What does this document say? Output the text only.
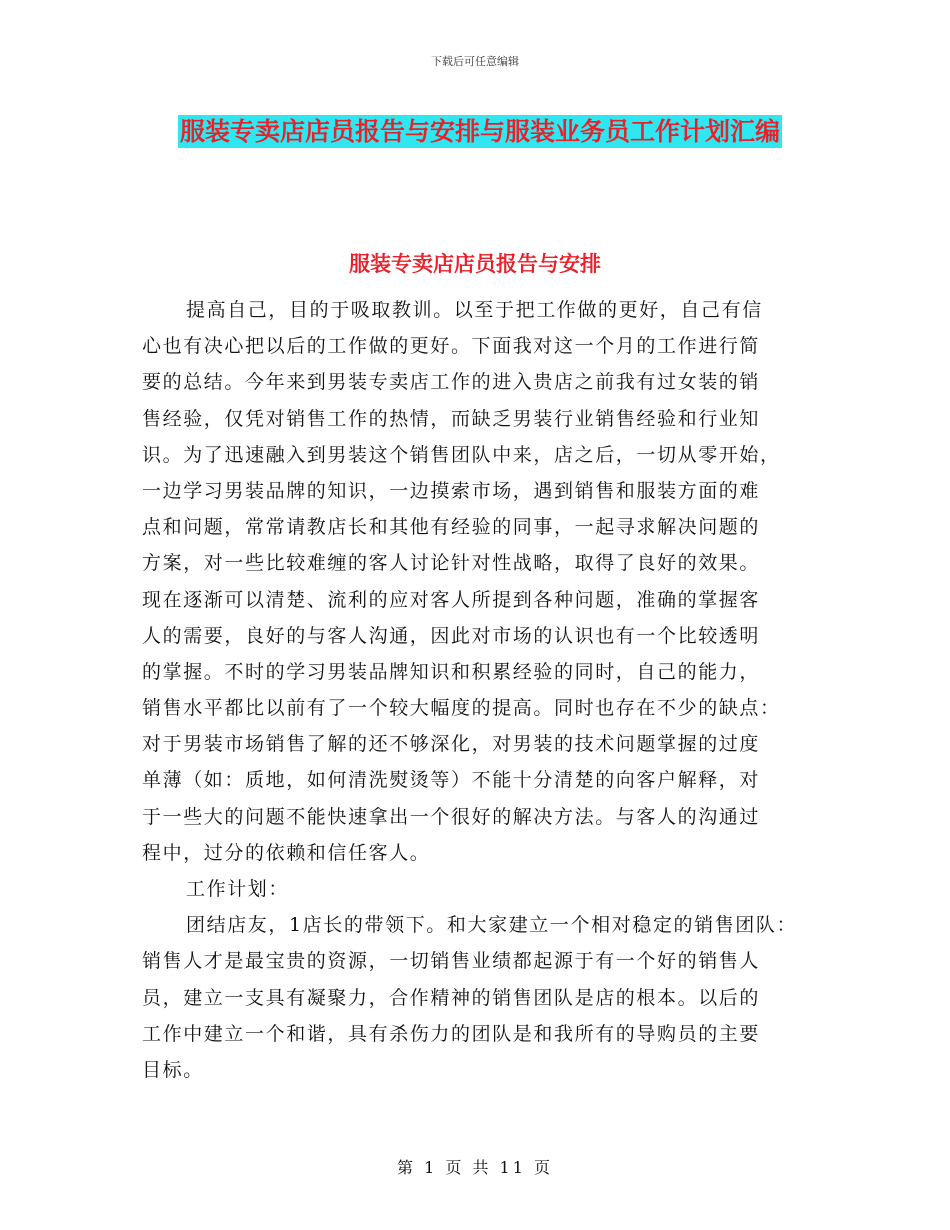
下载后可任意编辑
服装专卖店店员报告与安排与服装业务员工作计划汇编
服装专卖店店员报告与安排
提高自己，目的于吸取教训。以至于把工作做的更好，自己有信
心也有决心把以后的工作做的更好。下面我对这一个月的工作进行简
要的总结。今年来到男装专卖店工作的进入贵店之前我有过女装的销
售经验，仅凭对销售工作的热情，而缺乏男装行业销售经验和行业知
识。为了迅速融入到男装这个销售团队中来，店之后，一切从零开始，
一边学习男装品牌的知识，一边摸索市场，遇到销售和服装方面的难
点和问题，常常请教店长和其他有经验的同事，一起寻求解决问题的
方案，对一些比较难缠的客人讨论针对性战略，取得了良好的效果。
现在逐渐可以清楚、流利的应对客人所提到各种问题，准确的掌握客
人的需要，良好的与客人沟通，因此对市场的认识也有一个比较透明
的掌握。不时的学习男装品牌知识和积累经验的同时，自己的能力，
销售水平都比以前有了一个较大幅度的提高。同时也存在不少的缺点：
对于男装市场销售了解的还不够深化，对男装的技术问题掌握的过度
单薄（如：质地，如何清洗熨烫等）不能十分清楚的向客户解释，对
于一些大的问题不能快速拿出一个很好的解决方法。与客人的沟通过
程中，过分的依赖和信任客人。
工作计划：
团结店友，1店长的带领下。和大家建立一个相对稳定的销售团队：
销售人才是最宝贵的资源，一切销售业绩都起源于有一个好的销售人
员，建立一支具有凝聚力，合作精神的销售团队是店的根本。以后的
工作中建立一个和谐，具有杀伤力的团队是和我所有的导购员的主要
目标。
第 1 页 共 11 页
